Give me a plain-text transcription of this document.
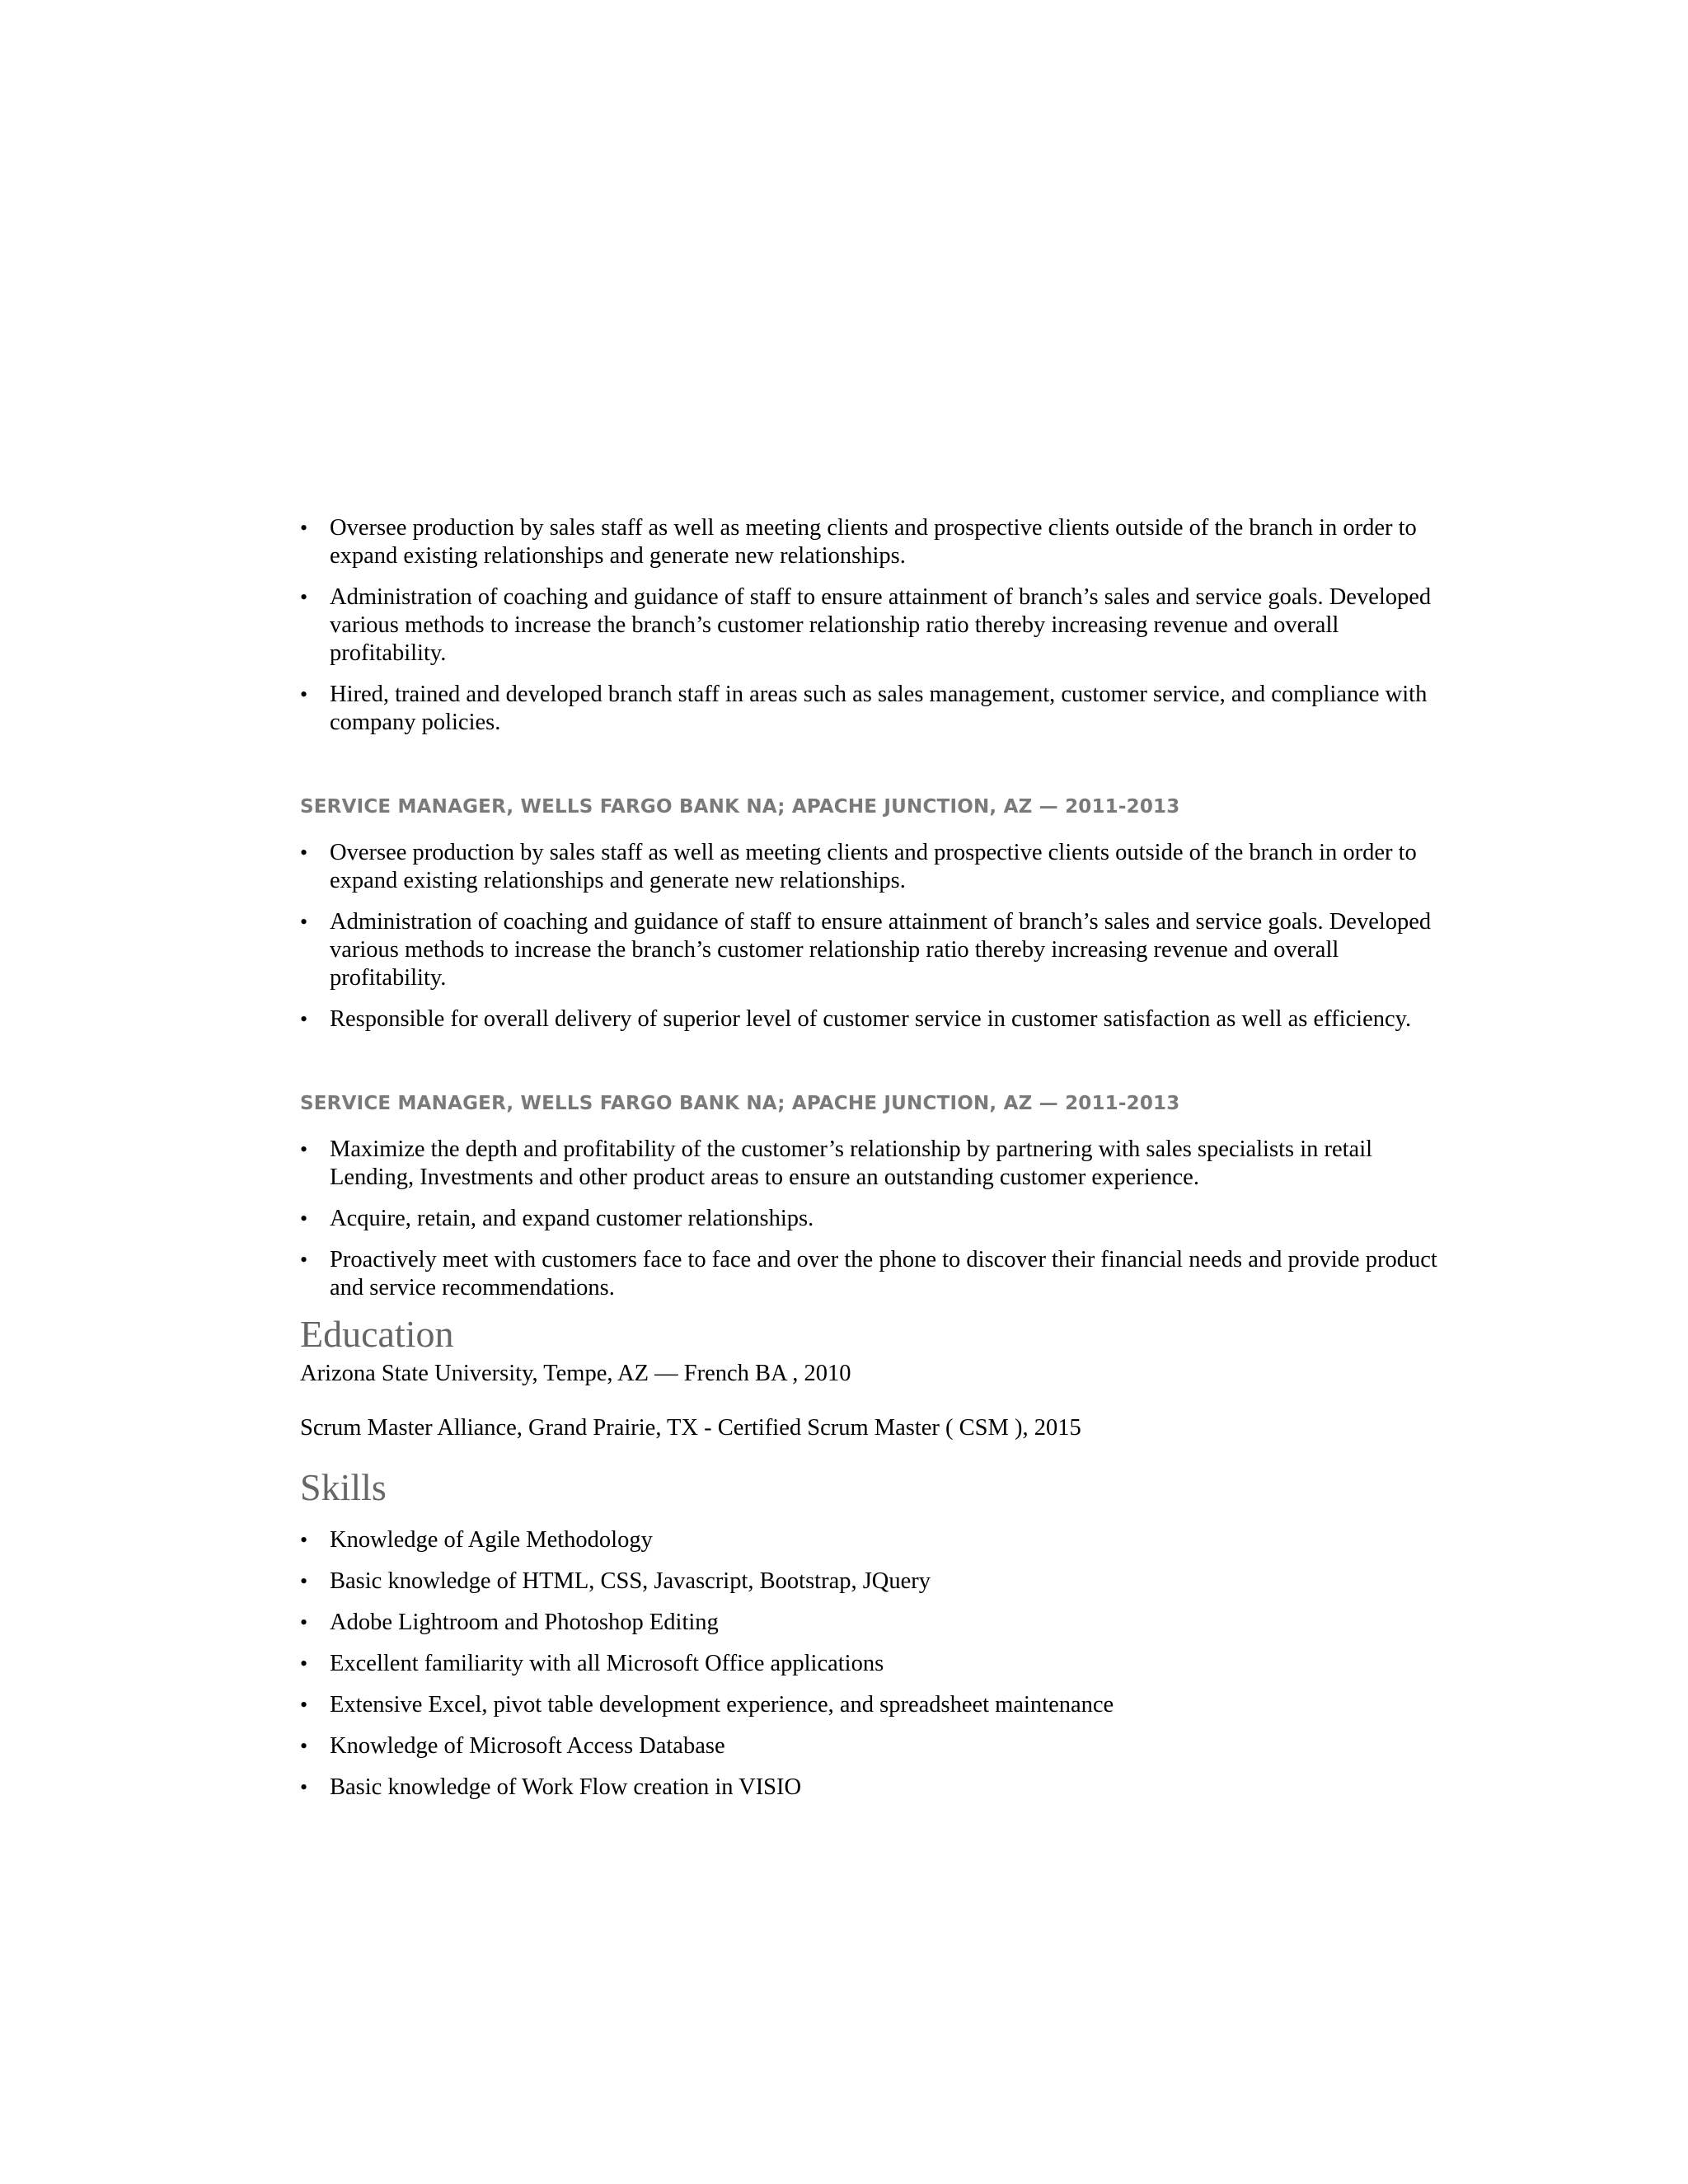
• Oversee production by sales staff as well as meeting clients and prospective clients outside of the branch in order to expand existing relationships and generate new relationships.
• Administration of coaching and guidance of staff to ensure attainment of branch’s sales and service goals. Developed various methods to increase the branch’s customer relationship ratio thereby increasing revenue and overall profitability.
• Hired, trained and developed branch staff in areas such as sales management, customer service, and compliance with company policies.
SERVICE MANAGER, WELLS FARGO BANK NA; APACHE JUNCTION, AZ — 2011-2013
• Oversee production by sales staff as well as meeting clients and prospective clients outside of the branch in order to expand existing relationships and generate new relationships.
• Administration of coaching and guidance of staff to ensure attainment of branch’s sales and service goals. Developed various methods to increase the branch’s customer relationship ratio thereby increasing revenue and overall profitability.
• Responsible for overall delivery of superior level of customer service in customer satisfaction as well as efficiency.
SERVICE MANAGER, WELLS FARGO BANK NA; APACHE JUNCTION, AZ — 2011-2013
• Maximize the depth and profitability of the customer’s relationship by partnering with sales specialists in retail Lending, Investments and other product areas to ensure an outstanding customer experience.
• Acquire, retain, and expand customer relationships.
• Proactively meet with customers face to face and over the phone to discover their financial needs and provide product and service recommendations.
Education

Arizona State University, Tempe, AZ — French BA , 2010

Scrum Master Alliance, Grand Prairie, TX - Certified Scrum Master ( CSM ), 2015

Skills
• Knowledge of Agile Methodology
• Basic knowledge of HTML, CSS, Javascript, Bootstrap, JQuery
• Adobe Lightroom and Photoshop Editing
• Excellent familiarity with all Microsoft Office applications
• Extensive Excel, pivot table development experience, and spreadsheet maintenance
• Knowledge of Microsoft Access Database
• Basic knowledge of Work Flow creation in VISIO
